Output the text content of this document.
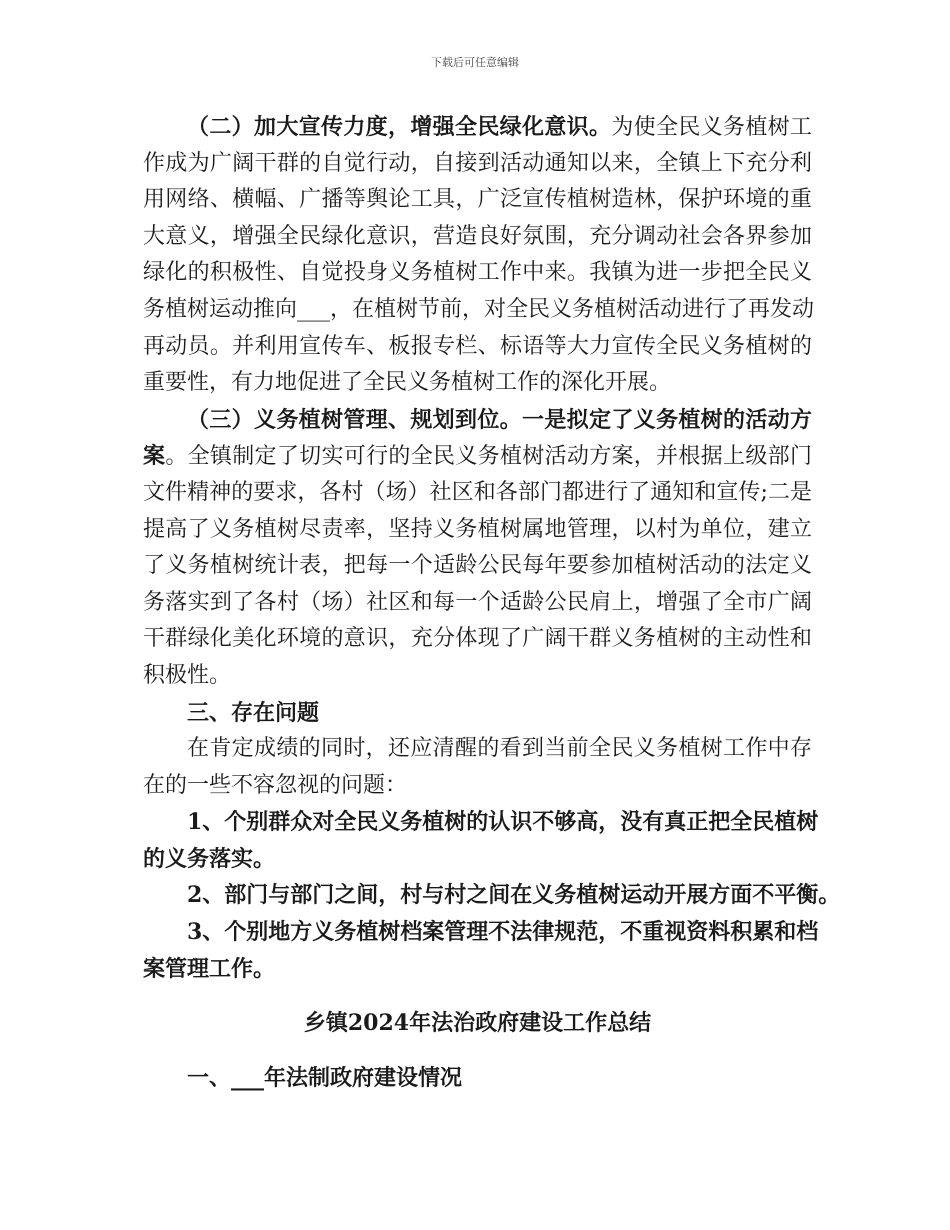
下载后可任意编辑
（二）加大宣传力度，增强全民绿化意识。为使全民义务植树工
作成为广阔干群的自觉行动，自接到活动通知以来，全镇上下充分利
用网络、横幅、广播等舆论工具，广泛宣传植树造林，保护环境的重
大意义，增强全民绿化意识，营造良好氛围，充分调动社会各界参加
绿化的积极性、自觉投身义务植树工作中来。我镇为进一步把全民义
务植树运动推向___，在植树节前，对全民义务植树活动进行了再发动
再动员。并利用宣传车、板报专栏、标语等大力宣传全民义务植树的
重要性，有力地促进了全民义务植树工作的深化开展。
（三）义务植树管理、规划到位。一是拟定了义务植树的活动方
案。全镇制定了切实可行的全民义务植树活动方案，并根据上级部门
文件精神的要求，各村（场）社区和各部门都进行了通知和宣传;二是
提高了义务植树尽责率，坚持义务植树属地管理，以村为单位，建立
了义务植树统计表，把每一个适龄公民每年要参加植树活动的法定义
务落实到了各村（场）社区和每一个适龄公民肩上，增强了全市广阔
干群绿化美化环境的意识，充分体现了广阔干群义务植树的主动性和
积极性。
三、存在问题
在肯定成绩的同时，还应清醒的看到当前全民义务植树工作中存
在的一些不容忽视的问题：
1、个别群众对全民义务植树的认识不够高，没有真正把全民植树
的义务落实。
2、部门与部门之间，村与村之间在义务植树运动开展方面不平衡。
3、个别地方义务植树档案管理不法律规范，不重视资料积累和档
案管理工作。
乡镇2024年法治政府建设工作总结
一、___年法制政府建设情况
